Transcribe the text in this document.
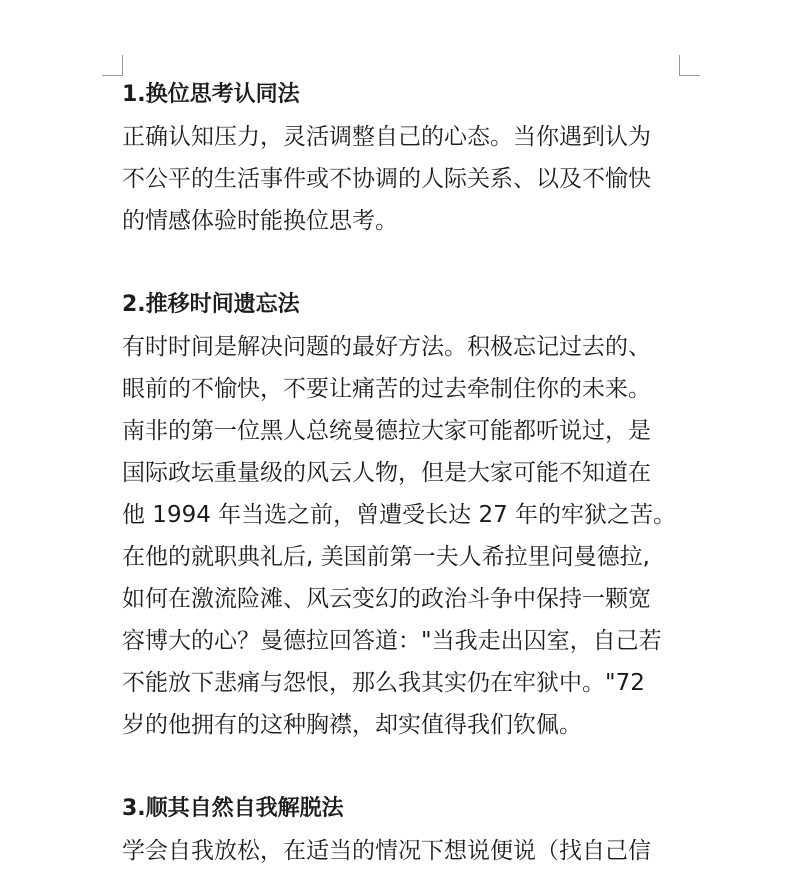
1.换位思考认同法
正确认知压力，灵活调整自己的心态。当你遇到认为
不公平的生活事件或不协调的人际关系、以及不愉快
的情感体验时能换位思考。
2.推移时间遗忘法
有时时间是解决问题的最好方法。积极忘记过去的、
眼前的不愉快，不要让痛苦的过去牵制住你的未来。
南非的第一位黑人总统曼德拉大家可能都听说过，是
国际政坛重量级的风云人物，但是大家可能不知道在
他 1994 年当选之前，曾遭受长达 27 年的牢狱之苦。
在他的就职典礼后, 美国前第一夫人希拉里问曼德拉,
如何在激流险滩、风云变幻的政治斗争中保持一颗宽
容博大的心？曼德拉回答道："当我走出囚室，自己若
不能放下悲痛与怨恨，那么我其实仍在牢狱中。"72
岁的他拥有的这种胸襟，却实值得我们钦佩。
3.顺其自然自我解脱法
学会自我放松，在适当的情况下想说便说（找自己信
